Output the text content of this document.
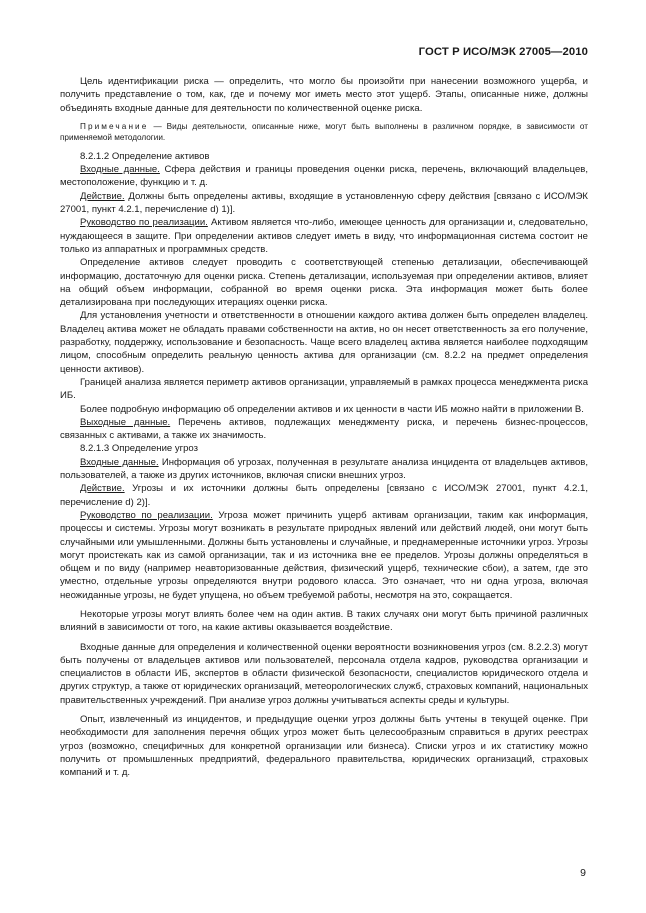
ГОСТ Р ИСО/МЭК 27005—2010

Цель идентификации риска — определить, что могло бы произойти при нанесении возможного ущерба, и получить представление о том, как, где и почему мог иметь место этот ущерб. Этапы, описанные ниже, должны объединять входные данные для деятельности по количественной оценке риска.

Примечание — Виды деятельности, описанные ниже, могут быть выполнены в различном порядке, в зависимости от применяемой методологии.

8.2.1.2 Определение активов

Входные данные. Сфера действия и границы проведения оценки риска, перечень, включающий владельцев, местоположение, функцию и т. д.

Действие. Должны быть определены активы, входящие в установленную сферу действия [связано с ИСО/МЭК 27001, пункт 4.2.1, перечисление d) 1)].

Руководство по реализации. Активом является что-либо, имеющее ценность для организации и, следовательно, нуждающееся в защите. При определении активов следует иметь в виду, что информационная система состоит не только из аппаратных и программных средств.

Определение активов следует проводить с соответствующей степенью детализации, обеспечивающей информацию, достаточную для оценки риска. Степень детализации, используемая при определении активов, влияет на общий объем информации, собранной во время оценки риска. Эта информация может быть более детализирована при последующих итерациях оценки риска.

Для установления учетности и ответственности в отношении каждого актива должен быть определен владелец. Владелец актива может не обладать правами собственности на актив, но он несет ответственность за его получение, разработку, поддержку, использование и безопасность. Чаще всего владелец актива является наиболее подходящим лицом, способным определить реальную ценность актива для организации (см. 8.2.2 на предмет определения ценности активов).

Границей анализа является периметр активов организации, управляемый в рамках процесса менеджмента риска ИБ.

Более подробную информацию об определении активов и их ценности в части ИБ можно найти в приложении В.

Выходные данные. Перечень активов, подлежащих менеджменту риска, и перечень бизнес-процессов, связанных с активами, а также их значимость.

8.2.1.3 Определение угроз

Входные данные. Информация об угрозах, полученная в результате анализа инцидента от владельцев активов, пользователей, а также из других источников, включая списки внешних угроз.

Действие. Угрозы и их источники должны быть определены [связано с ИСО/МЭК 27001, пункт 4.2.1, перечисление d) 2)].

Руководство по реализации. Угроза может причинить ущерб активам организации, таким как информация, процессы и системы. Угрозы могут возникать в результате природных явлений или действий людей, они могут быть случайными или умышленными. Должны быть установлены и случайные, и преднамеренные источники угроз. Угрозы могут проистекать как из самой организации, так и из источника вне ее пределов. Угрозы должны определяться в общем и по виду (например неавторизованные действия, физический ущерб, технические сбои), а затем, где это уместно, отдельные угрозы определяются внутри родового класса. Это означает, что ни одна угроза, включая неожиданные угрозы, не будет упущена, но объем требуемой работы, несмотря на это, сокращается.

Некоторые угрозы могут влиять более чем на один актив. В таких случаях они могут быть причиной различных влияний в зависимости от того, на какие активы оказывается воздействие.

Входные данные для определения и количественной оценки вероятности возникновения угроз (см. 8.2.2.3) могут быть получены от владельцев активов или пользователей, персонала отдела кадров, руководства организации и специалистов в области ИБ, экспертов в области физической безопасности, специалистов юридического отдела и других структур, а также от юридических организаций, метеорологических служб, страховых компаний, национальных правительственных учреждений. При анализе угроз должны учитываться аспекты среды и культуры.

Опыт, извлеченный из инцидентов, и предыдущие оценки угроз должны быть учтены в текущей оценке. При необходимости для заполнения перечня общих угроз может быть целесообразным справиться в других реестрах угроз (возможно, специфичных для конкретной организации или бизнеса). Списки угроз и их статистику можно получить от промышленных предприятий, федерального правительства, юридических организаций, страховых компаний и т. д.

9
